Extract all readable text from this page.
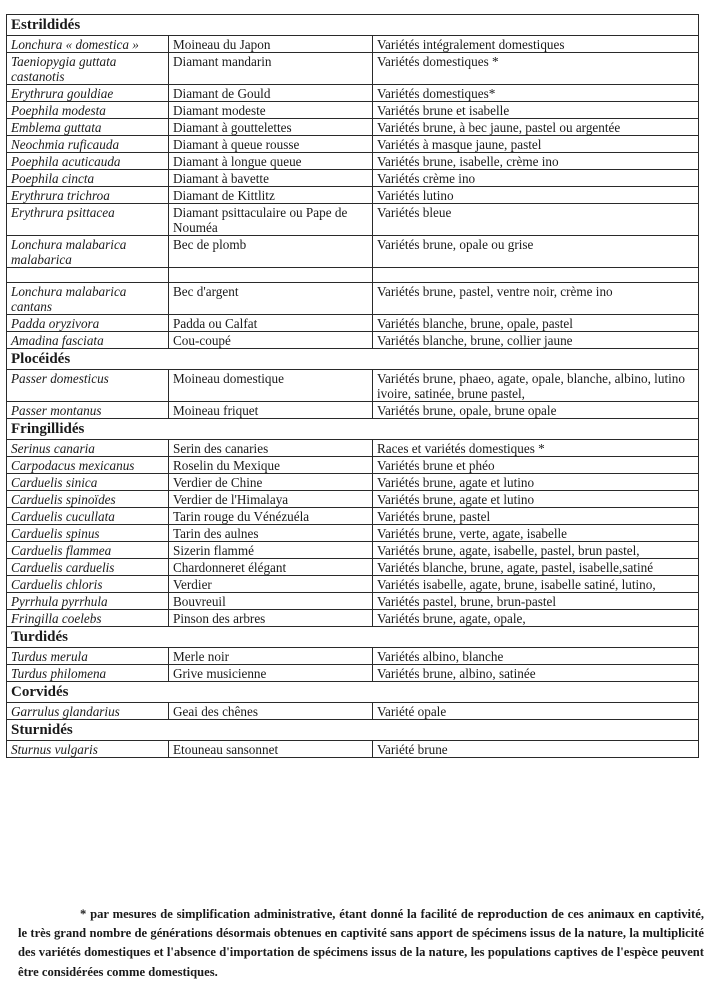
Estrildidés		
Lonchura « domestica »	Moineau du Japon	Variétés intégralement domestiques
Taeniopygia guttata castanotis	Diamant mandarin	Variétés domestiques *
Erythrura gouldiae	Diamant de Gould	Variétés domestiques*
Poephila modesta	Diamant modeste	Variétés brune et isabelle
Emblema guttata	Diamant à gouttelettes	Variétés brune, à bec jaune, pastel ou argentée
Neochmia ruficauda	Diamant à queue rousse	Variétés à masque jaune, pastel
Poephila acuticauda	Diamant à longue queue	Variétés brune, isabelle, crème ino
Poephila cincta	Diamant à bavette	Variétés crème ino
Erythrura trichroa	Diamant de Kittlitz	Variétés lutino
Erythrura psittacea	Diamant psittaculaire ou Pape de Nouméa	Variétés bleue
Lonchura malabarica malabarica	Bec de plomb	Variétés brune, opale ou grise

Lonchura malabarica cantans	Bec d'argent	Variétés brune, pastel, ventre noir, crème ino
Padda oryzivora	Padda ou Calfat	Variétés blanche, brune, opale, pastel
Amadina fasciata	Cou-coupé	Variétés blanche, brune, collier jaune
Plocéidés		
Passer domesticus	Moineau domestique	Variétés brune, phaeo, agate, opale, blanche, albino, lutino ivoire, satinée, brune pastel,
Passer montanus	Moineau friquet	Variétés brune, opale, brune opale
Fringillidés		
Serinus canaria	Serin des canaries	Races et variétés domestiques *
Carpodacus mexicanus	Roselin du Mexique	Variétés brune et phéo
Carduelis sinica	Verdier de Chine	Variétés brune, agate et lutino
Carduelis spinoïdes	Verdier de l'Himalaya	Variétés brune, agate et lutino
Carduelis cucullata	Tarin rouge du Vénézuéla	Variétés brune, pastel
Carduelis spinus	Tarin des aulnes	Variétés brune, verte, agate, isabelle
Carduelis flammea	Sizerin flammé	Variétés brune, agate, isabelle, pastel, brun pastel,
Carduelis carduelis	Chardonneret élégant	Variétés blanche, brune, agate, pastel, isabelle,satiné
Carduelis chloris	Verdier	Variétés isabelle, agate, brune, isabelle satiné, lutino,
Pyrrhula pyrrhula	Bouvreuil	Variétés pastel, brune, brun-pastel
Fringilla coelebs	Pinson des arbres	Variétés brune, agate, opale,
Turdidés		
Turdus merula	Merle noir	Variétés albino, blanche
Turdus philomena	Grive musicienne	Variétés brune, albino, satinée
Corvidés		
Garrulus glandarius	Geai des chênes	Variété opale
Sturnidés		
Sturnus vulgaris	Etouneau sansonnet	Variété brune

* par mesures de simplification administrative, étant donné la facilité de reproduction de ces animaux en captivité, le très grand nombre de générations désormais obtenues en captivité sans apport de spécimens issus de la nature, la multiplicité des variétés domestiques et l'absence d'importation de spécimens issus de la nature, les populations captives de l'espèce peuvent être considérées comme domestiques.
